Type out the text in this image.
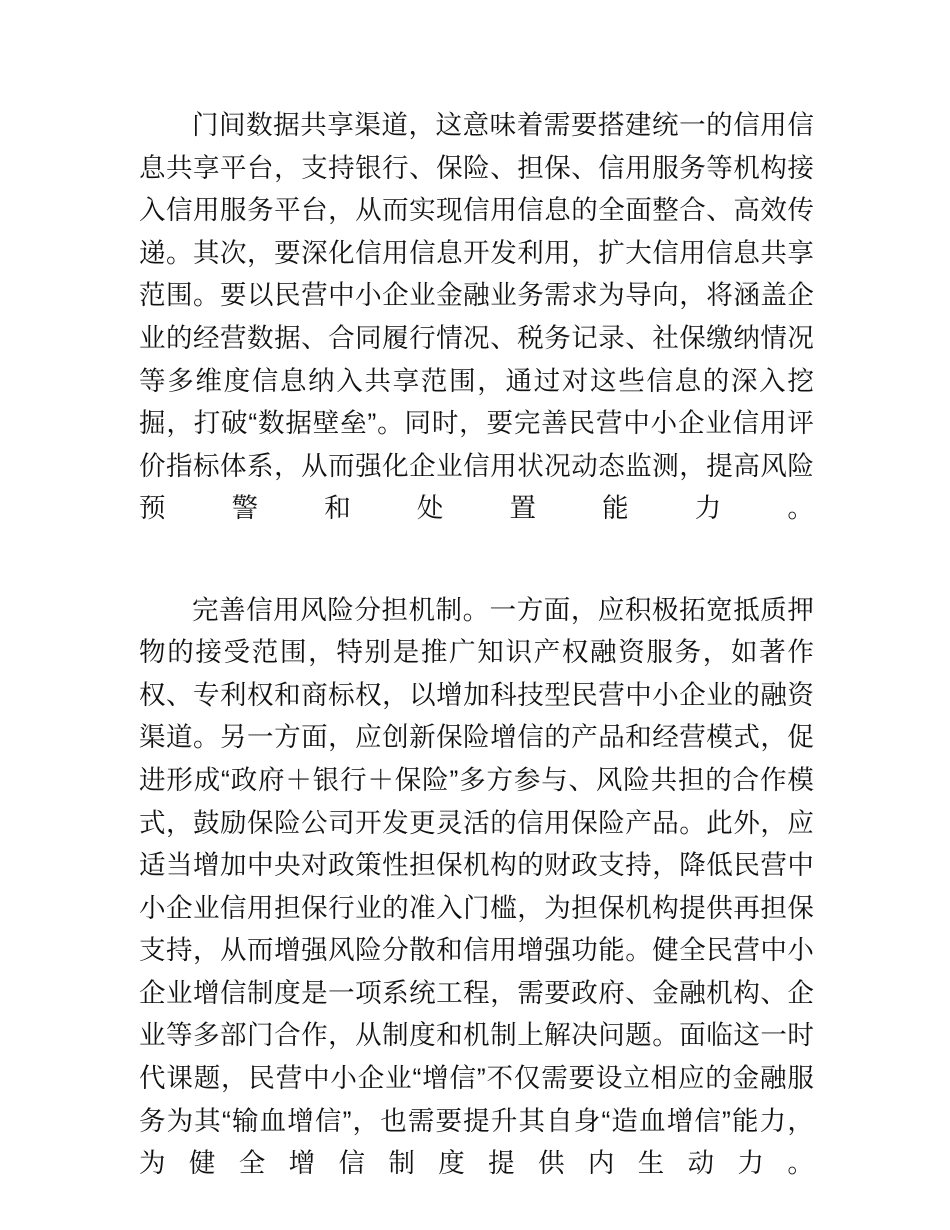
门间数据共享渠道，这意味着需要搭建统一的信用信息共享平台，支持银行、保险、担保、信用服务等机构接入信用服务平台，从而实现信用信息的全面整合、高效传递。其次，要深化信用信息开发利用，扩大信用信息共享范围。要以民营中小企业金融业务需求为导向，将涵盖企业的经营数据、合同履行情况、税务记录、社保缴纳情况等多维度信息纳入共享范围，通过对这些信息的深入挖掘，打破“数据壁垒”。同时，要完善民营中小企业信用评价指标体系，从而强化企业信用状况动态监测，提高风险预警和处置能力。

完善信用风险分担机制。一方面，应积极拓宽抵质押物的接受范围，特别是推广知识产权融资服务，如著作权、专利权和商标权，以增加科技型民营中小企业的融资渠道。另一方面，应创新保险增信的产品和经营模式，促进形成“政府＋银行＋保险”多方参与、风险共担的合作模式，鼓励保险公司开发更灵活的信用保险产品。此外，应适当增加中央对政策性担保机构的财政支持，降低民营中小企业信用担保行业的准入门槛，为担保机构提供再担保支持，从而增强风险分散和信用增强功能。健全民营中小企业增信制度是一项系统工程，需要政府、金融机构、企业等多部门合作，从制度和机制上解决问题。面临这一时代课题，民营中小企业“增信”不仅需要设立相应的金融服务为其“输血增信”，也需要提升其自身“造血增信”能力，为健全增信制度提供内生动力。
